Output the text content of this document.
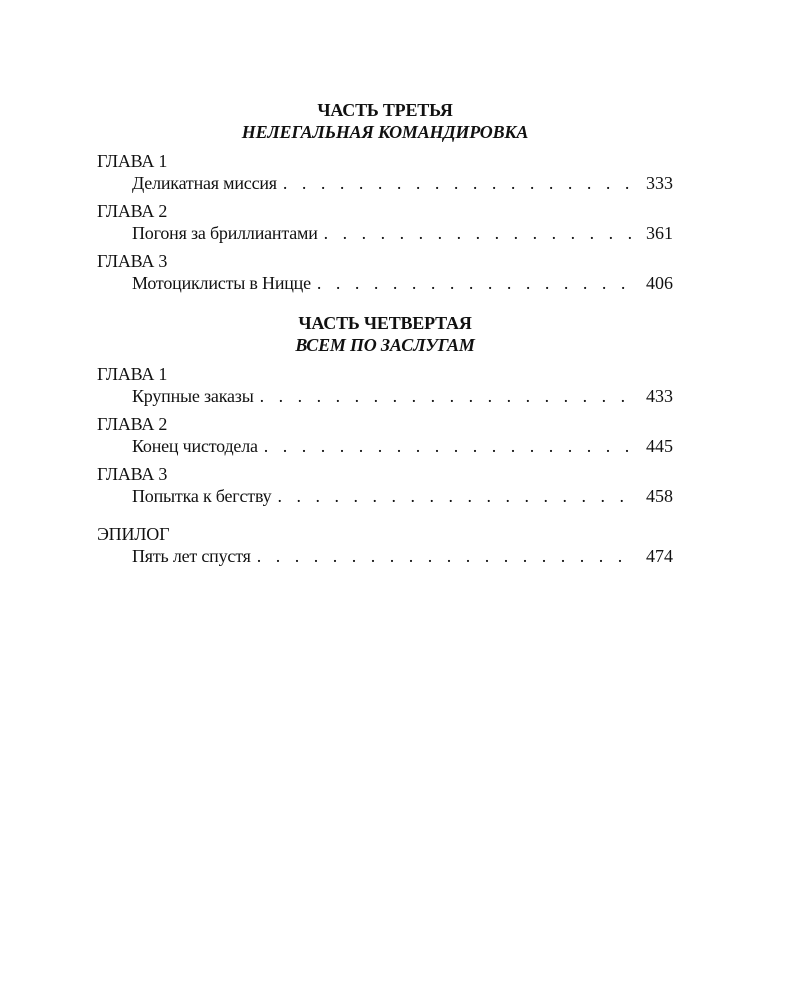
ЧАСТЬ ТРЕТЬЯ
НЕЛЕГАЛЬНАЯ КОМАНДИРОВКА
ГЛАВА 1
Деликатная миссия . . .	333
ГЛАВА 2
Погоня за бриллиантами . . .	361
ГЛАВА 3
Мотоциклисты в Ницце . . .	406
ЧАСТЬ ЧЕТВЕРТАЯ
ВСЕМ ПО ЗАСЛУГАМ
ГЛАВА 1
Крупные заказы . . .	433
ГЛАВА 2
Конец чистодела . . .	445
ГЛАВА 3
Попытка к бегству . . .	458
ЭПИЛОГ
Пять лет спустя . . .	474
